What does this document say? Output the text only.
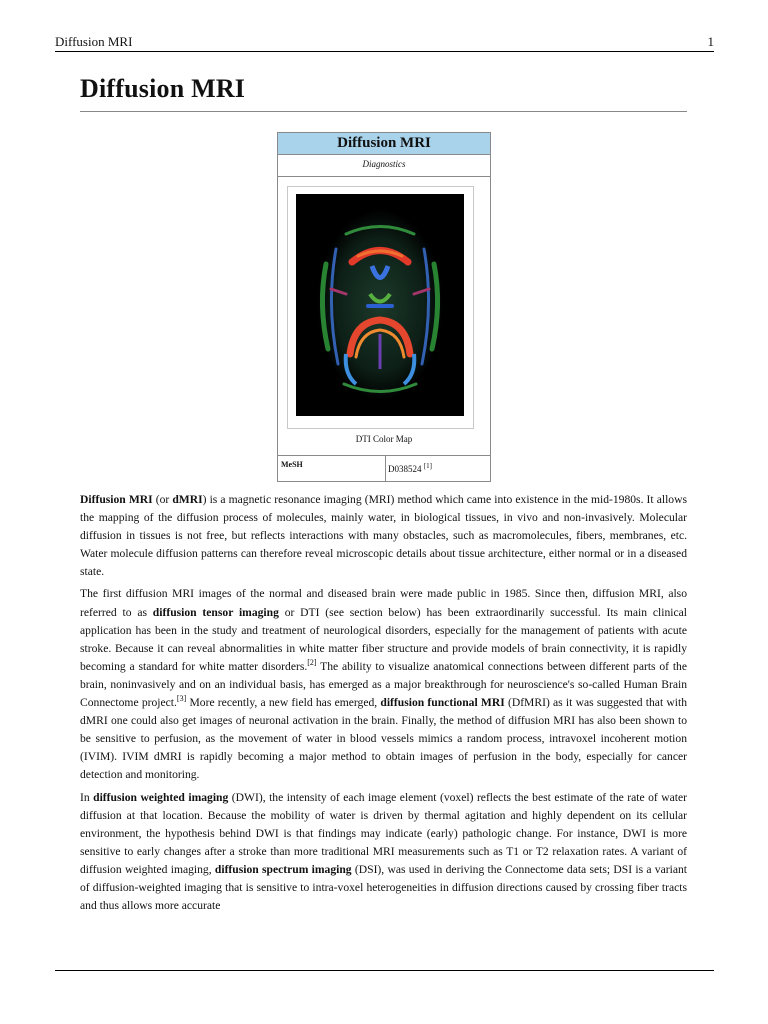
Diffusion MRI	1
Diffusion MRI
Diffusion MRI
Diagnostics
DTI Color Map
MeSH	D038524 [1]

Diffusion MRI (or dMRI) is a magnetic resonance imaging (MRI) method which came into existence in the mid-1980s. It allows the mapping of the diffusion process of molecules, mainly water, in biological tissues, in vivo and non-invasively. Molecular diffusion in tissues is not free, but reflects interactions with many obstacles, such as macromolecules, fibers, membranes, etc. Water molecule diffusion patterns can therefore reveal microscopic details about tissue architecture, either normal or in a diseased state.

The first diffusion MRI images of the normal and diseased brain were made public in 1985. Since then, diffusion MRI, also referred to as diffusion tensor imaging or DTI (see section below) has been extraordinarily successful. Its main clinical application has been in the study and treatment of neurological disorders, especially for the management of patients with acute stroke. Because it can reveal abnormalities in white matter fiber structure and provide models of brain connectivity, it is rapidly becoming a standard for white matter disorders.[2] The ability to visualize anatomical connections between different parts of the brain, noninvasively and on an individual basis, has emerged as a major breakthrough for neuroscience's so-called Human Brain Connectome project.[3] More recently, a new field has emerged, diffusion functional MRI (DfMRI) as it was suggested that with dMRI one could also get images of neuronal activation in the brain. Finally, the method of diffusion MRI has also been shown to be sensitive to perfusion, as the movement of water in blood vessels mimics a random process, intravoxel incoherent motion (IVIM). IVIM dMRI is rapidly becoming a major method to obtain images of perfusion in the body, especially for cancer detection and monitoring.

In diffusion weighted imaging (DWI), the intensity of each image element (voxel) reflects the best estimate of the rate of water diffusion at that location. Because the mobility of water is driven by thermal agitation and highly dependent on its cellular environment, the hypothesis behind DWI is that findings may indicate (early) pathologic change. For instance, DWI is more sensitive to early changes after a stroke than more traditional MRI measurements such as T1 or T2 relaxation rates. A variant of diffusion weighted imaging, diffusion spectrum imaging (DSI), was used in deriving the Connectome data sets; DSI is a variant of diffusion-weighted imaging that is sensitive to intra-voxel heterogeneities in diffusion directions caused by crossing fiber tracts and thus allows more accurate
